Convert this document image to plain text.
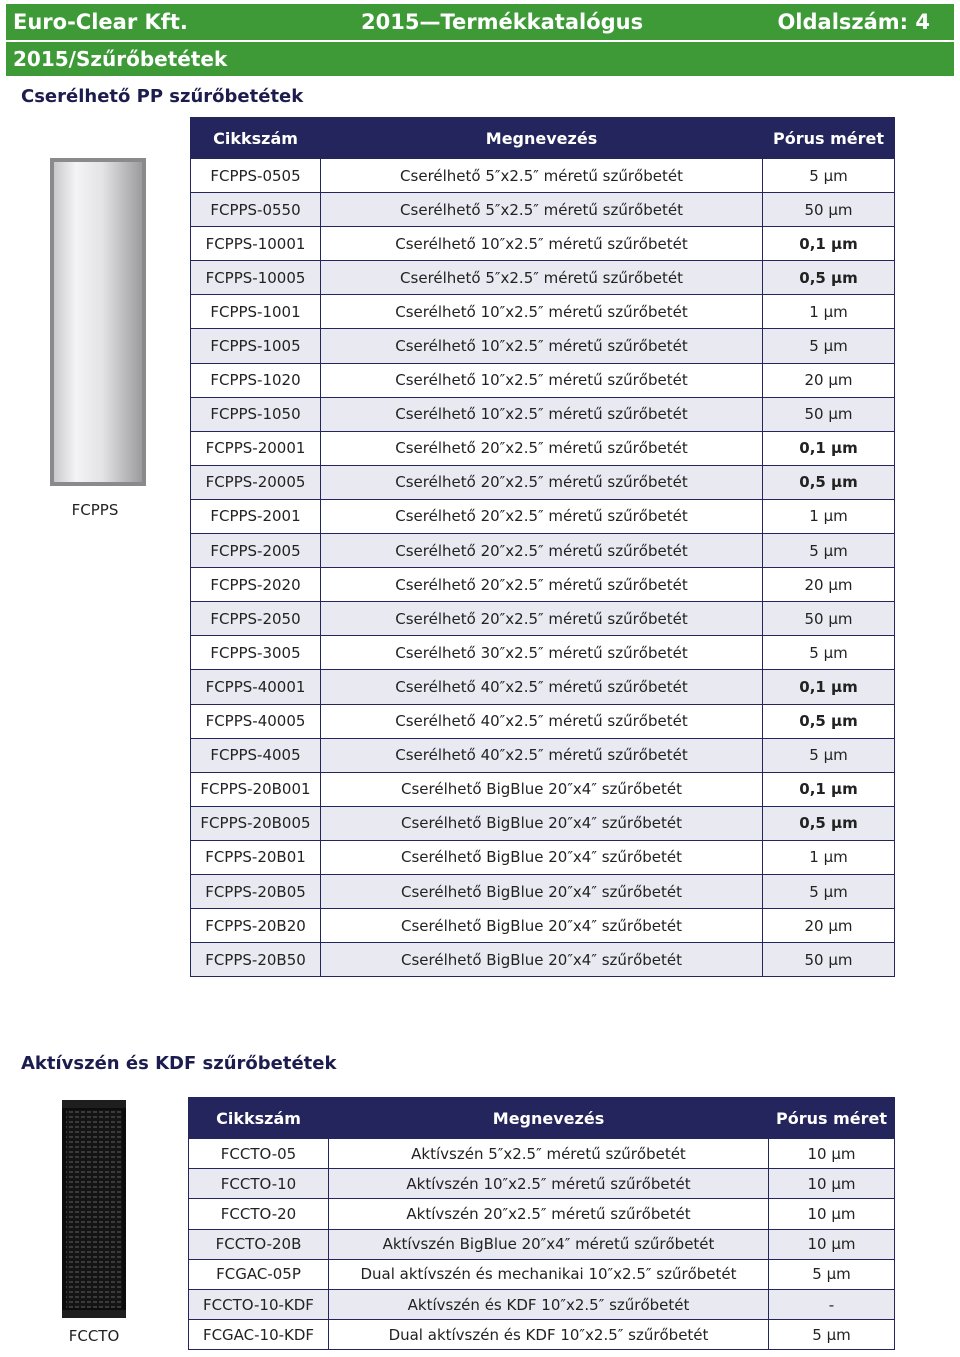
Euro-Clear Kft.	2015—Termékkatalógus	Oldalszám: 4
2015/Szűrőbetétek
Cserélhető PP szűrőbetétek
FCPPS
Cikkszám	Megnevezés	Pórus méret
FCPPS-0505	Cserélhető 5″x2.5″ méretű szűrőbetét	5 µm
FCPPS-0550	Cserélhető 5″x2.5″ méretű szűrőbetét	50 µm
FCPPS-10001	Cserélhető 10″x2.5″ méretű szűrőbetét	0,1 µm
FCPPS-10005	Cserélhető 5″x2.5″ méretű szűrőbetét	0,5 µm
FCPPS-1001	Cserélhető 10″x2.5″ méretű szűrőbetét	1 µm
FCPPS-1005	Cserélhető 10″x2.5″ méretű szűrőbetét	5 µm
FCPPS-1020	Cserélhető 10″x2.5″ méretű szűrőbetét	20 µm
FCPPS-1050	Cserélhető 10″x2.5″ méretű szűrőbetét	50 µm
FCPPS-20001	Cserélhető 20″x2.5″ méretű szűrőbetét	0,1 µm
FCPPS-20005	Cserélhető 20″x2.5″ méretű szűrőbetét	0,5 µm
FCPPS-2001	Cserélhető 20″x2.5″ méretű szűrőbetét	1 µm
FCPPS-2005	Cserélhető 20″x2.5″ méretű szűrőbetét	5 µm
FCPPS-2020	Cserélhető 20″x2.5″ méretű szűrőbetét	20 µm
FCPPS-2050	Cserélhető 20″x2.5″ méretű szűrőbetét	50 µm
FCPPS-3005	Cserélhető 30″x2.5″ méretű szűrőbetét	5 µm
FCPPS-40001	Cserélhető 40″x2.5″ méretű szűrőbetét	0,1 µm
FCPPS-40005	Cserélhető 40″x2.5″ méretű szűrőbetét	0,5 µm
FCPPS-4005	Cserélhető 40″x2.5″ méretű szűrőbetét	5 µm
FCPPS-20B001	Cserélhető BigBlue 20″x4″ szűrőbetét	0,1 µm
FCPPS-20B005	Cserélhető BigBlue 20″x4″ szűrőbetét	0,5 µm
FCPPS-20B01	Cserélhető BigBlue 20″x4″ szűrőbetét	1 µm
FCPPS-20B05	Cserélhető BigBlue 20″x4″ szűrőbetét	5 µm
FCPPS-20B20	Cserélhető BigBlue 20″x4″ szűrőbetét	20 µm
FCPPS-20B50	Cserélhető BigBlue 20″x4″ szűrőbetét	50 µm
Aktívszén és KDF szűrőbetétek
FCCTO
Cikkszám	Megnevezés	Pórus méret
FCCTO-05	Aktívszén 5″x2.5″ méretű szűrőbetét	10 µm
FCCTO-10	Aktívszén 10″x2.5″ méretű szűrőbetét	10 µm
FCCTO-20	Aktívszén 20″x2.5″ méretű szűrőbetét	10 µm
FCCTO-20B	Aktívszén BigBlue 20″x4″ méretű szűrőbetét	10 µm
FCGAC-05P	Dual aktívszén és mechanikai 10″x2.5″ szűrőbetét	5 µm
FCCTO-10-KDF	Aktívszén és KDF 10″x2.5″ szűrőbetét	-
FCGAC-10-KDF	Dual aktívszén és KDF 10″x2.5″ szűrőbetét	5 µm
